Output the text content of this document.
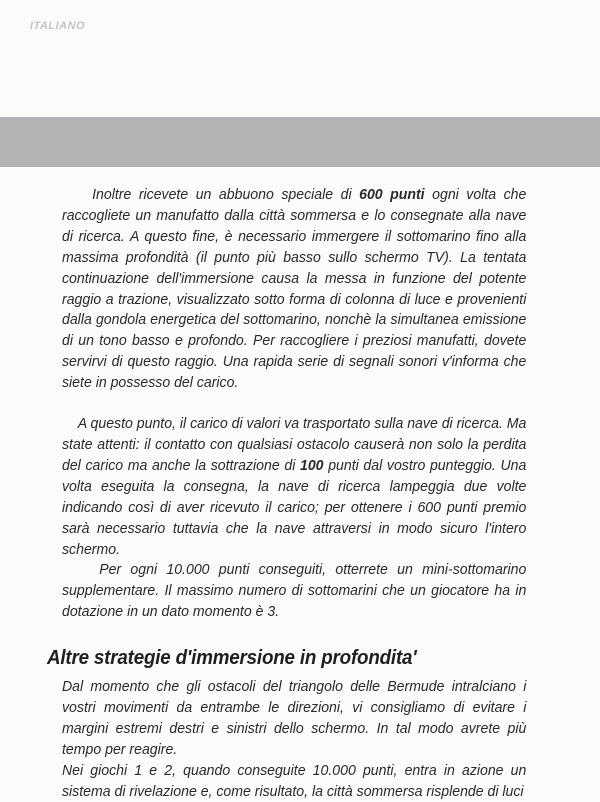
ITALIANO

Inoltre ricevete un abbuono speciale di 600 punti ogni volta che raccogliete un manufatto dalla città sommersa e lo consegnate alla nave di ricerca. A questo fine, è necessario immergere il sottomarino fino alla massima profondità (il punto più basso sullo schermo TV). La tentata continuazione dell'immersione causa la messa in funzione del potente raggio a trazione, visualizzato sotto forma di colonna di luce e provenienti dalla gondola energetica del sottomarino, nonchè la simultanea emissione di un tono basso e profondo. Per raccogliere i preziosi manufatti, dovete servirvi di questo raggio. Una rapida serie di segnali sonori v'informa che siete in possesso del carico.

A questo punto, il carico di valori va trasportato sulla nave di ricerca. Ma state attenti: il contatto con qualsiasi ostacolo causerà non solo la perdita del carico ma anche la sottrazione di 100 punti dal vostro punteggio. Una volta eseguita la consegna, la nave di ricerca lampeggia due volte indicando così di aver ricevuto il carico; per ottenere i 600 punti premio sarà necessario tuttavia che la nave attraversi in modo sicuro l'intero schermo.

Per ogni 10.000 punti conseguiti, otterrete un mini-sottomarino supplementare. Il massimo numero di sottomarini che un giocatore ha in dotazione in un dato momento è 3.

Altre strategie d'immersione in profondita'

Dal momento che gli ostacoli del triangolo delle Bermude intralciano i vostri movimenti da entrambe le direzioni, vi consigliamo di evitare i margini estremi destri e sinistri dello schermo. In tal modo avrete più tempo per reagire.

Nei giochi 1 e 2, quando conseguite 10.000 punti, entra in azione un sistema di rivelazione e, come risultato, la città sommersa risplende di luci
